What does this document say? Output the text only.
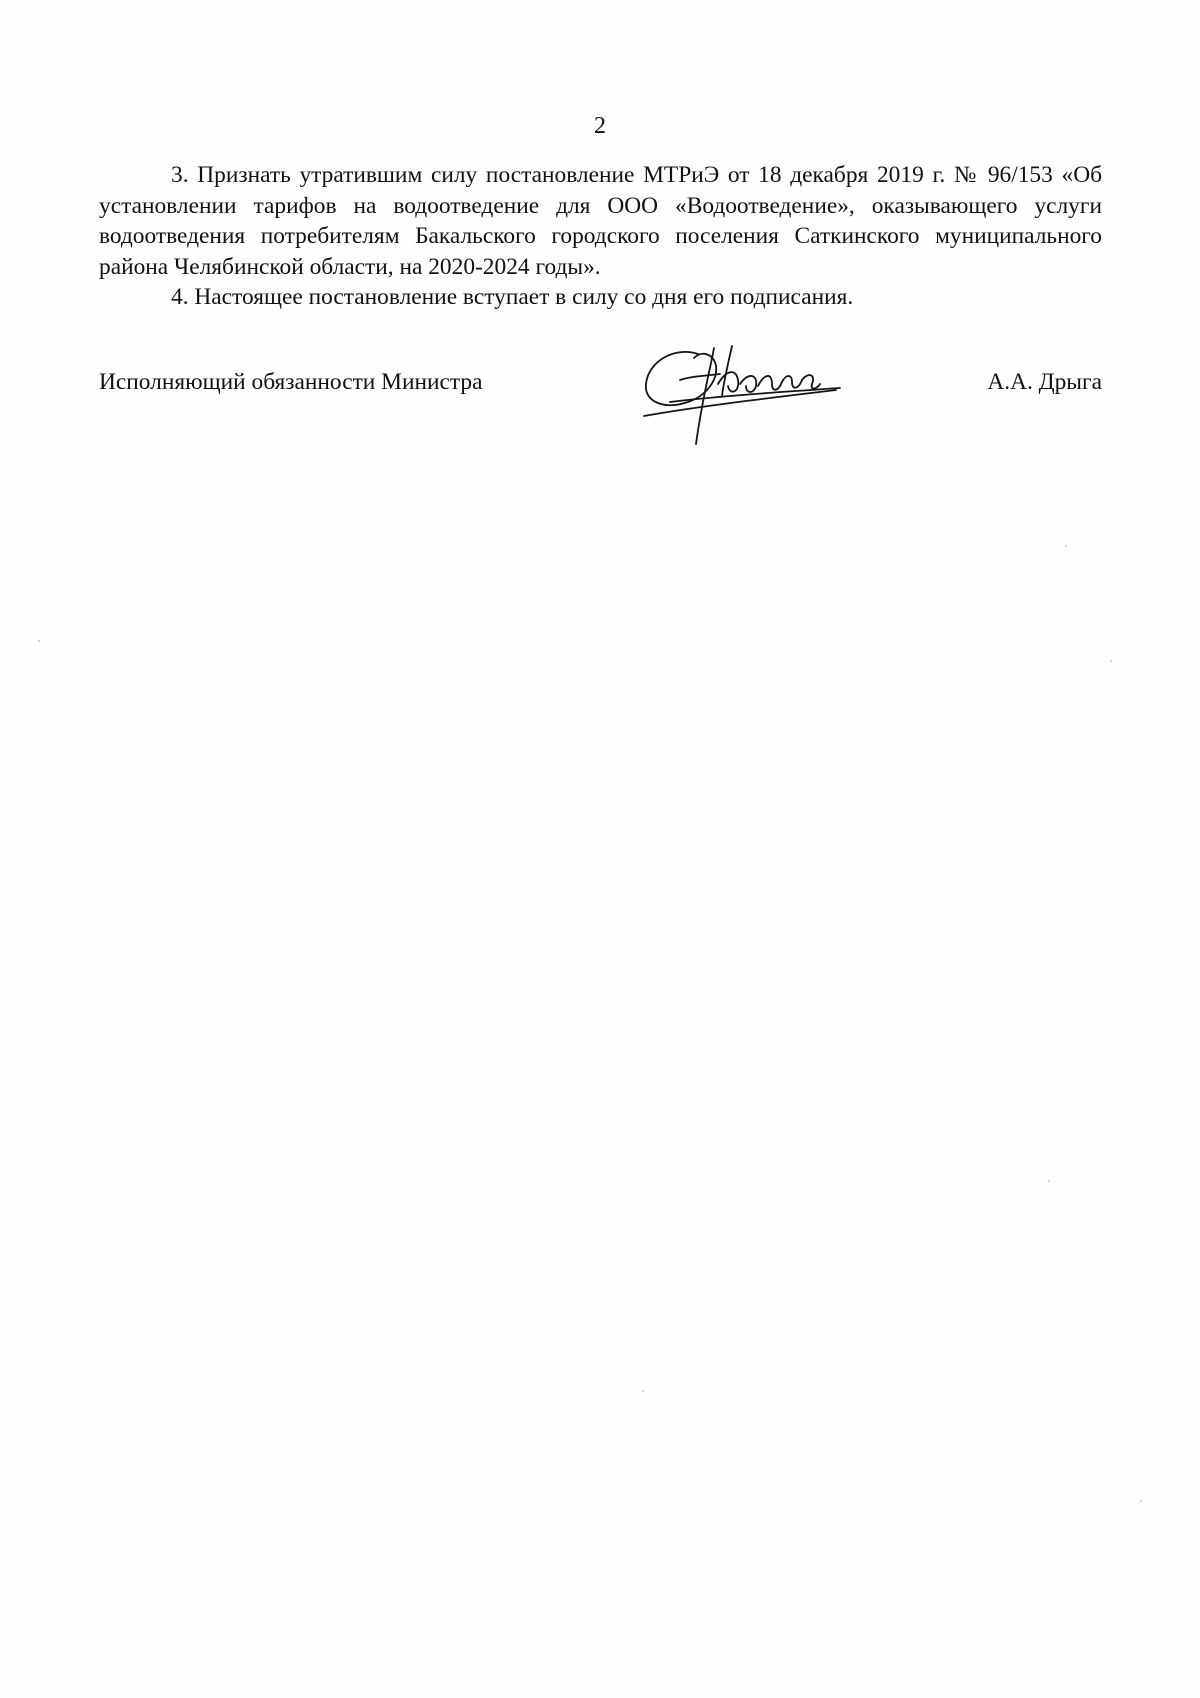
2

3. Признать утратившим силу постановление МТРиЭ от 18 декабря 2019 г. № 96/153 «Об установлении тарифов на водоотведение для ООО «Водоотведение», оказывающего услуги водоотведения потребителям Бакальского городского поселения Саткинского муниципального района Челябинской области, на 2020-2024 годы».

4. Настоящее постановление вступает в силу со дня его подписания.

Исполняющий обязанности Министра	А.А. Дрыга
